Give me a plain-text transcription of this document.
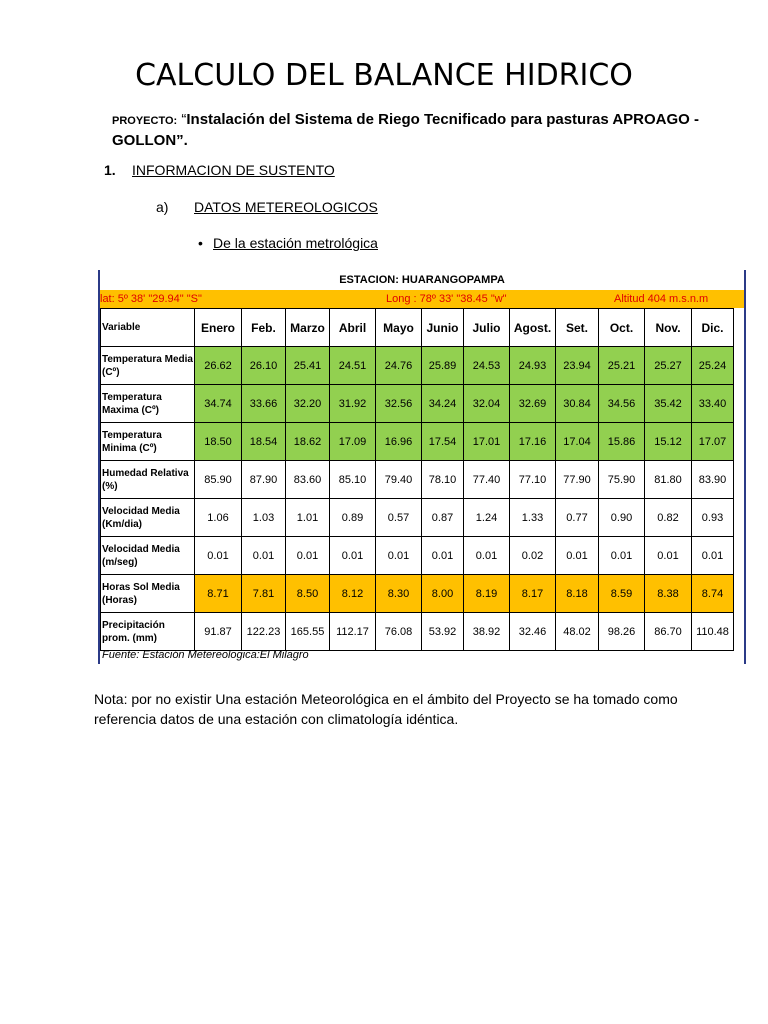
CALCULO DEL BALANCE HIDRICO
PROYECTO: “Instalación del Sistema de Riego Tecnificado para pasturas APROAGO - GOLLON”.
1. INFORMACION DE SUSTENTO
a) DATOS METEREOLOGICOS
• De la estación metrológica
ESTACION: HUARANGOPAMPA
lat: 5º 38' "29.94" "S"	Long : 78º 33' "38.45 "w"	Altitud 404 m.s.n.m
Variable	Enero	Feb.	Marzo	Abril	Mayo	Junio	Julio	Agost.	Set.	Oct.	Nov.	Dic.
Temperatura Media (Cº)	26.62	26.10	25.41	24.51	24.76	25.89	24.53	24.93	23.94	25.21	25.27	25.24
Temperatura Maxima (Cº)	34.74	33.66	32.20	31.92	32.56	34.24	32.04	32.69	30.84	34.56	35.42	33.40
Temperatura Minima (Cº)	18.50	18.54	18.62	17.09	16.96	17.54	17.01	17.16	17.04	15.86	15.12	17.07
Humedad Relativa (%)	85.90	87.90	83.60	85.10	79.40	78.10	77.40	77.10	77.90	75.90	81.80	83.90
Velocidad Media (Km/dia)	1.06	1.03	1.01	0.89	0.57	0.87	1.24	1.33	0.77	0.90	0.82	0.93
Velocidad Media (m/seg)	0.01	0.01	0.01	0.01	0.01	0.01	0.01	0.02	0.01	0.01	0.01	0.01
Horas Sol Media (Horas)	8.71	7.81	8.50	8.12	8.30	8.00	8.19	8.17	8.18	8.59	8.38	8.74
Precipitación prom. (mm)	91.87	122.23	165.55	112.17	76.08	53.92	38.92	32.46	48.02	98.26	86.70	110.48
Fuente: Estación Metereologica:El Milagro
Nota: por no existir Una estación Meteorológica en el ámbito del Proyecto se ha tomado como referencia datos de una estación con climatología idéntica.
